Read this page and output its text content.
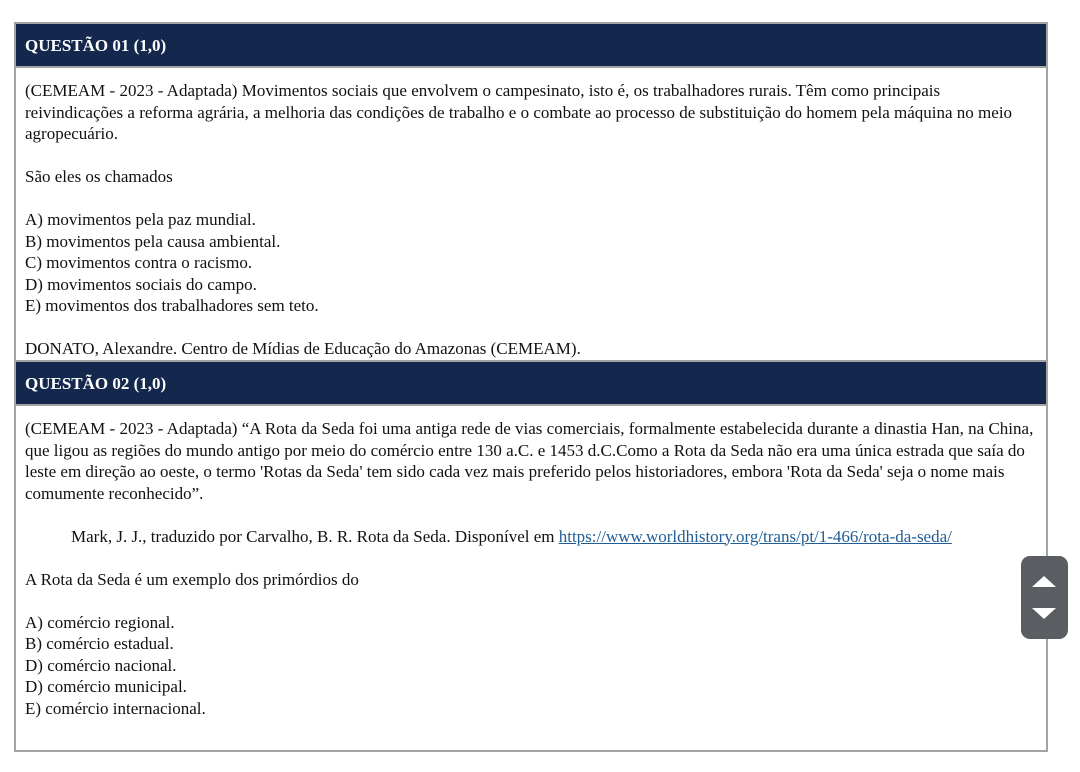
QUESTÃO 01 (1,0)

(CEMEAM - 2023 - Adaptada) Movimentos sociais que envolvem o campesinato, isto é, os trabalhadores rurais. Têm como principais reivindicações a reforma agrária, a melhoria das condições de trabalho e o combate ao processo de substituição do homem pela máquina no meio agropecuário.

São eles os chamados

A) movimentos pela paz mundial.

B) movimentos pela causa ambiental.

C) movimentos contra o racismo.

D) movimentos sociais do campo.

E) movimentos dos trabalhadores sem teto.

DONATO, Alexandre. Centro de Mídias de Educação do Amazonas (CEMEAM).

QUESTÃO 02 (1,0)

(CEMEAM - 2023 - Adaptada) “A Rota da Seda foi uma antiga rede de vias comerciais, formalmente estabelecida durante a dinastia Han, na China, que ligou as regiões do mundo antigo por meio do comércio entre 130 a.C. e 1453 d.C.Como a Rota da Seda não era uma única estrada que saía do leste em direção ao oeste, o termo 'Rotas da Seda' tem sido cada vez mais preferido pelos historiadores, embora 'Rota da Seda' seja o nome mais comumente reconhecido”.

Mark, J. J., traduzido por Carvalho, B. R. Rota da Seda. Disponível em https://www.worldhistory.org/trans/pt/1-466/rota-da-seda/

A Rota da Seda é um exemplo dos primórdios do

A) comércio regional.

B) comércio estadual.

D) comércio nacional.

D) comércio municipal.

E) comércio internacional.
